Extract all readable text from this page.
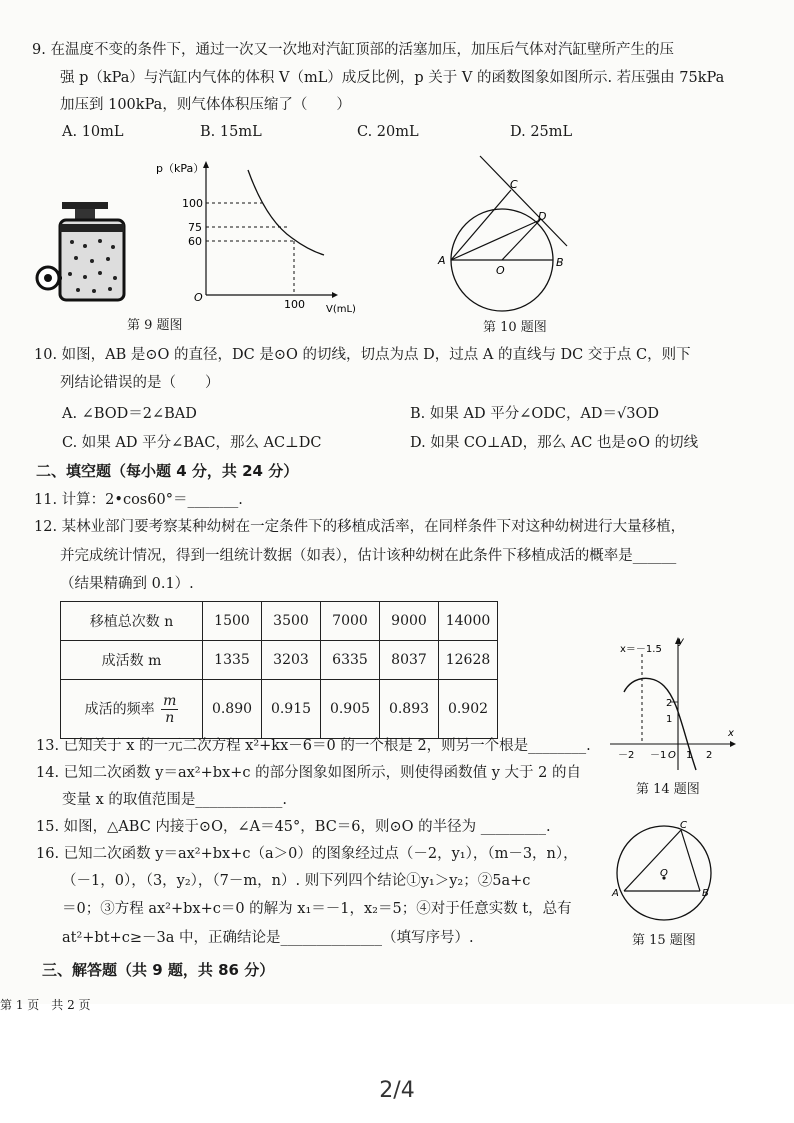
9. 在温度不变的条件下，通过一次又一次地对汽缸顶部的活塞加压，加压后气体对汽缸壁所产生的压
强 p（kPa）与汽缸内气体的体积 V（mL）成反比例，p 关于 V 的函数图象如图所示. 若压强由 75kPa
加压到 100kPa，则气体体积压缩了（　　）
A. 10mL	B. 15mL	C. 20mL	D. 25mL
p（kPa）
100
75
60
O
100 V(mL)
第 9 题图
A
O
B
C
D
第 10 题图
10. 如图，AB 是⊙O 的直径，DC 是⊙O 的切线，切点为点 D，过点 A 的直线与 DC 交于点 C，则下
列结论错误的是（　　）
A. ∠BOD＝2∠BAD	B. 如果 AD 平分∠ODC，AD＝√3OD
C. 如果 AD 平分∠BAC，那么 AC⊥DC	D. 如果 CO⊥AD，那么 AC 也是⊙O 的切线
二、填空题（每小题 4 分，共 24 分）
11. 计算：2•cos60°＝_______.
12. 某林业部门要考察某种幼树在一定条件下的移植成活率，在同样条件下对这种幼树进行大量移植，
并完成统计情况，得到一组统计数据（如表），估计该种幼树在此条件下移植成活的概率是______
（结果精确到 0.1）.
移植总次数 n	1500	3500	7000	9000	14000
成活数 m	1335	3203	6335	8037	12628
成活的频率 $\frac{m}{n}$	0.890	0.915	0.905	0.893	0.902
x＝－1.5
y
x
2
1
－2 －1 O 1 2
第 14 题图
13. 已知关于 x 的一元二次方程 x²+kx－6＝0 的一个根是 2，则另一个根是________.
14. 已知二次函数 y＝ax²+bx+c 的部分图象如图所示，则使得函数值 y 大于 2 的自
变量 x 的取值范围是____________.
15. 如图，△ABC 内接于⊙O，∠A＝45°，BC＝6，则⊙O 的半径为 _________.	C
O
A	B
第 15 题图
16. 已知二次函数 y＝ax²+bx+c（a＞0）的图象经过点（－2，y₁），（m－3，n），
（－1，0），（3，y₂），（7－m，n）. 则下列四个结论①y₁＞y₂；②5a+c
＝0；③方程 ax²+bx+c＝0 的解为 x₁＝－1，x₂＝5；④对于任意实数 t，总有
at²+bt+c≥－3a 中，正确结论是______________（填写序号）.
三、解答题（共 9 题，共 86 分）
第 1 页　共 2 页
2/4
